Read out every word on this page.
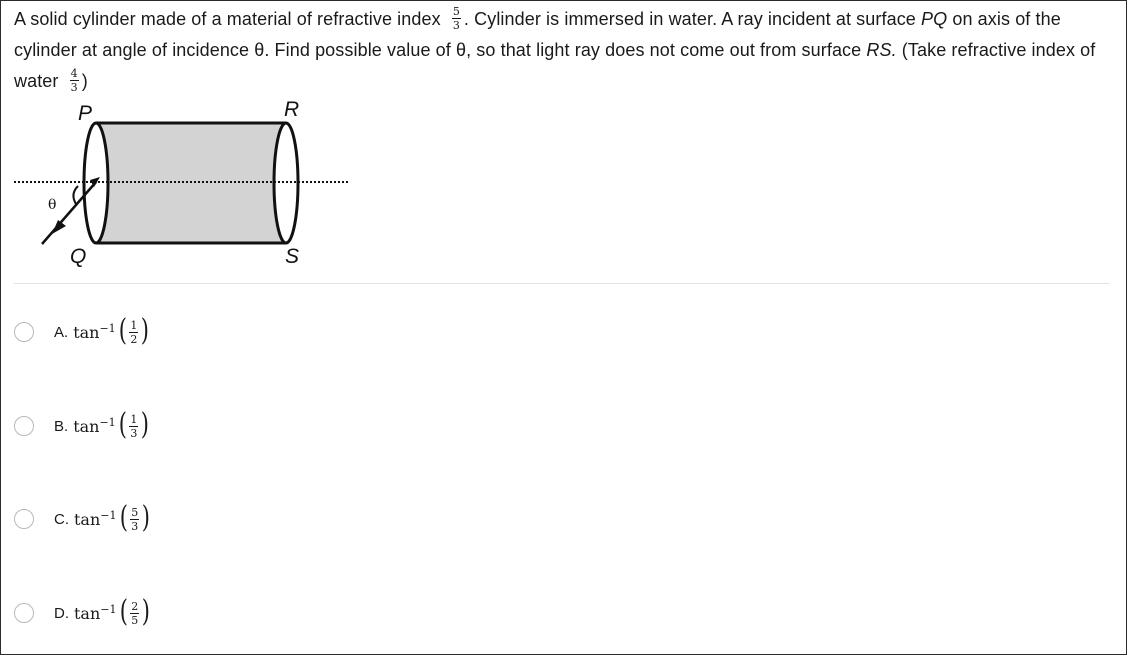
A solid cylinder made of a material of refractive index $\frac{5}{3}$ . Cylinder is immersed in water. A ray incident at surface PQ on axis of the cylinder at angle of incidence θ. Find possible value of θ, so that light ray does not come out from surface RS. (Take refractive index of water $\frac{4}{3}$ )

P	R
Q	S
θ
A. $\tan^{-1}$ ( $\frac{1}{2}$ )
B. $\tan^{-1}$ ( $\frac{1}{3}$ )
C. $\tan^{-1}$ ( $\frac{5}{3}$ )
D. $\tan^{-1}$ ( $\frac{2}{5}$ )
